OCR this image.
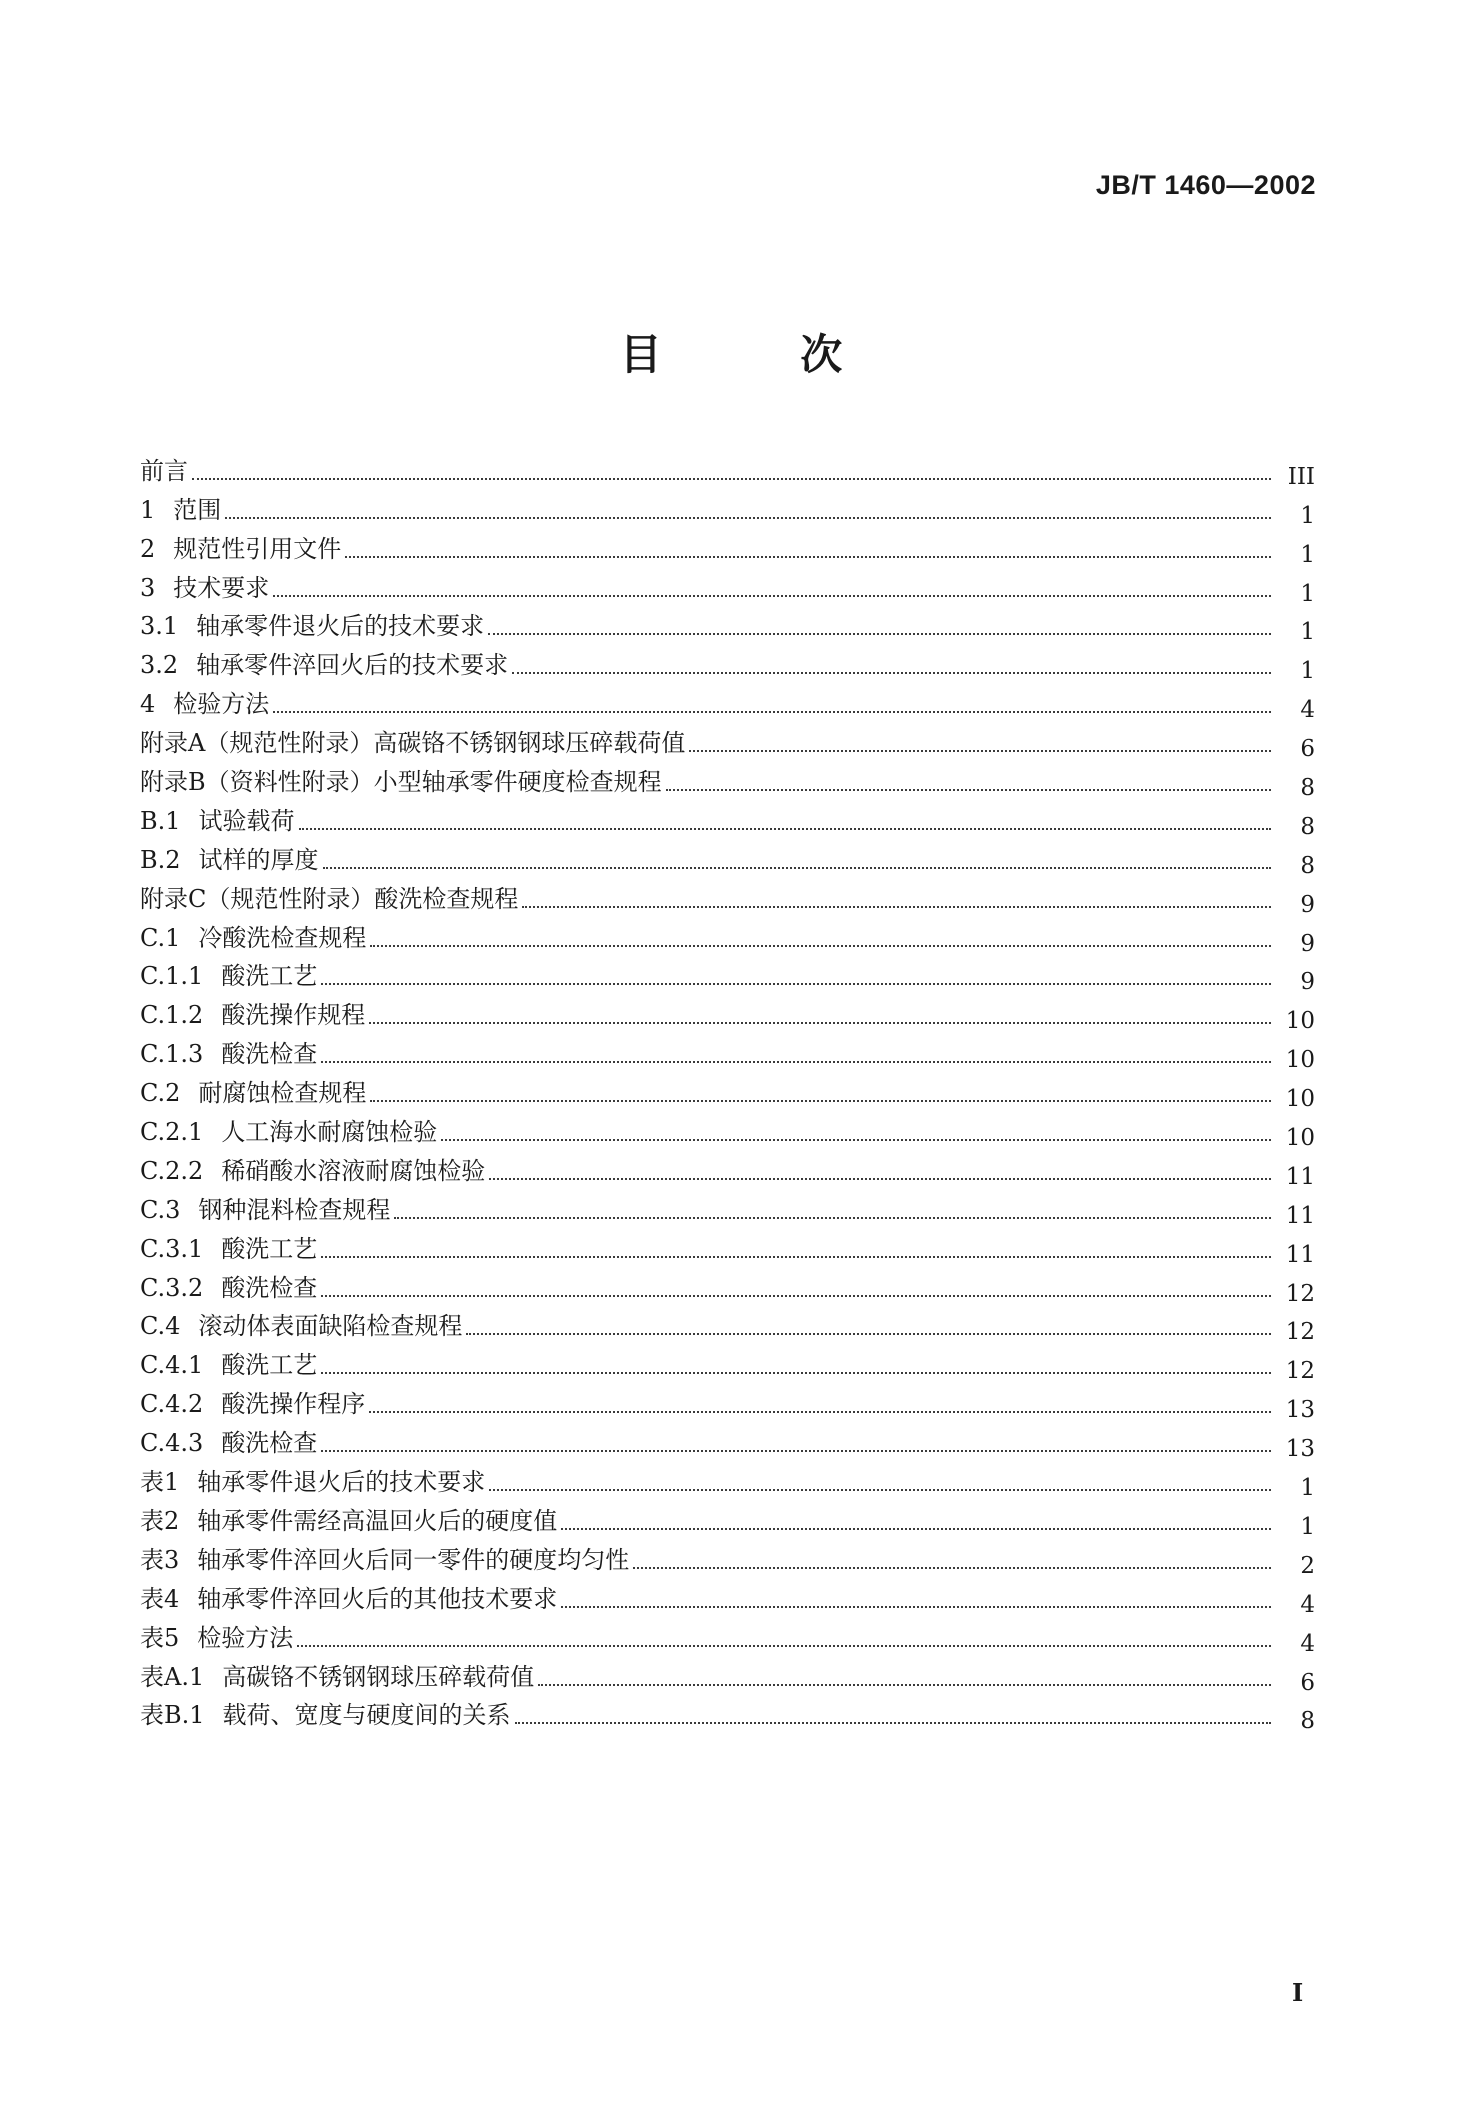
JB/T 1460—2002
目 次
前言	III
1 范围	1
2 规范性引用文件	1
3 技术要求	1
3.1 轴承零件退火后的技术要求	1
3.2 轴承零件淬回火后的技术要求	1
4 检验方法	4
附录A（规范性附录）高碳铬不锈钢钢球压碎载荷值	6
附录B（资料性附录）小型轴承零件硬度检查规程	8
B.1 试验载荷	8
B.2 试样的厚度	8
附录C（规范性附录）酸洗检查规程	9
C.1 冷酸洗检查规程	9
C.1.1 酸洗工艺	9
C.1.2 酸洗操作规程	10
C.1.3 酸洗检查	10
C.2 耐腐蚀检查规程	10
C.2.1 人工海水耐腐蚀检验	10
C.2.2 稀硝酸水溶液耐腐蚀检验	11
C.3 钢种混料检查规程	11
C.3.1 酸洗工艺	11
C.3.2 酸洗检查	12
C.4 滚动体表面缺陷检查规程	12
C.4.1 酸洗工艺	12
C.4.2 酸洗操作程序	13
C.4.3 酸洗检查	13
表1 轴承零件退火后的技术要求	1
表2 轴承零件需经高温回火后的硬度值	1
表3 轴承零件淬回火后同一零件的硬度均匀性	2
表4 轴承零件淬回火后的其他技术要求	4
表5 检验方法	4
表A.1 高碳铬不锈钢钢球压碎载荷值	6
表B.1 载荷、宽度与硬度间的关系	8
I
